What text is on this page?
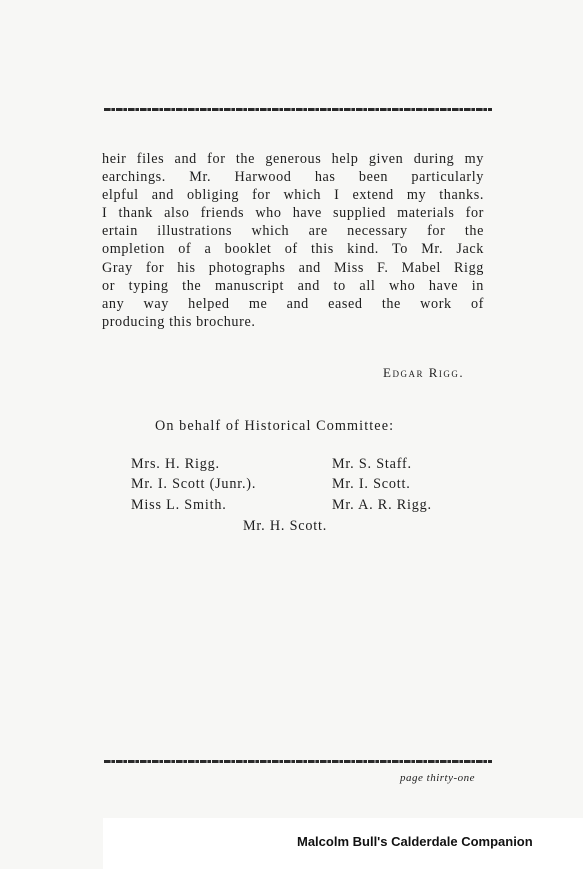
heir files and for the generous help given during my
earchings. Mr. Harwood has been particularly
elpful and obliging for which I extend my thanks.
I thank also friends who have supplied materials for
ertain illustrations which are necessary for the
ompletion of a booklet of this kind. To Mr. Jack
Gray for his photographs and Miss F. Mabel Rigg
or typing the manuscript and to all who have in
any way helped me and eased the work of
producing this brochure.
Edgar Rigg.
On behalf of Historical Committee:
Mrs. H. Rigg.	Mr. S. Staff.
Mr. I. Scott (Junr.).	Mr. I. Scott.
Miss L. Smith.	Mr. A. R. Rigg.
Mr. H. Scott.
page thirty-one
Malcolm Bull's Calderdale Companion
